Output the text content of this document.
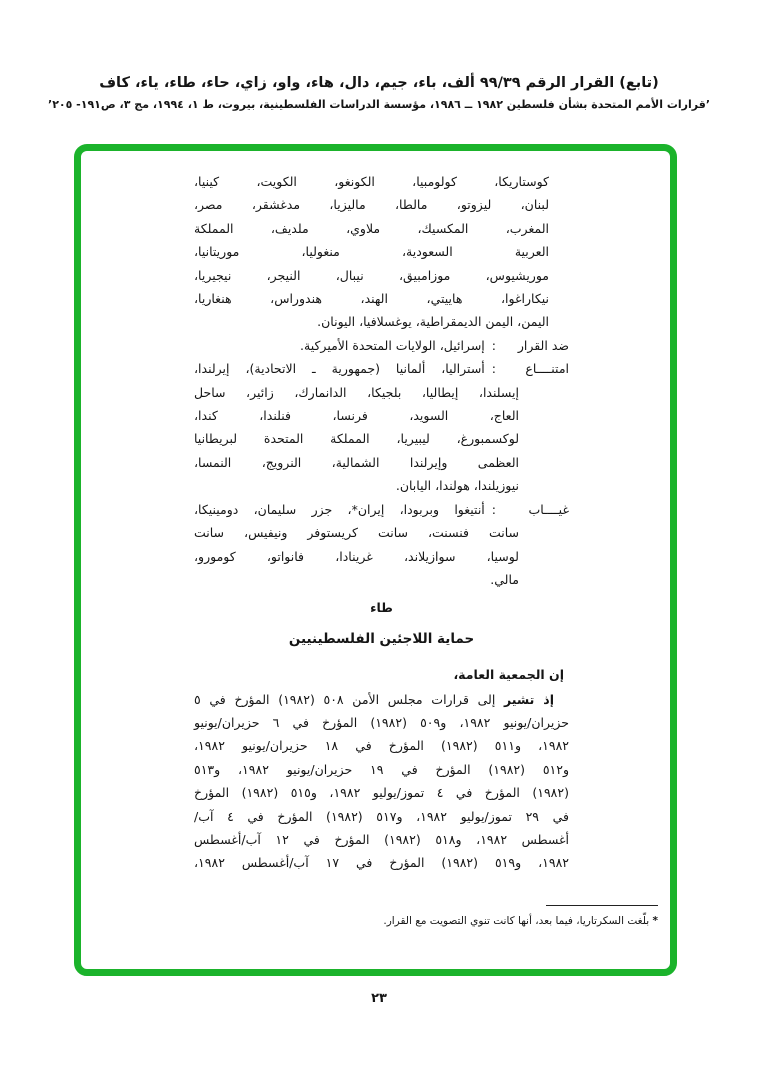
(تابع) القرار الرقم ٩٩/٣٩ ألف، باء، جيم، دال، هاء، واو، زاي، حاء، طاء، ياء، كاف
’قرارات الأمم المتحدة بشأن فلسطين ١٩٨٢ ــ ١٩٨٦، مؤسسة الدراسات الفلسطينية، بيروت، ط ١، ١٩٩٤، مج ٣، ص١٩١- ٢٠٥’
كوستاريكا، كولومبيا، الكونغو، الكويت، كينيا،
لبنان، ليزوتو، مالطا، ماليزيا، مدغشقر، مصر،
المغرب، المكسيك، ملاوي، ملديف، المملكة
العربية السعودية، منغوليا، موريتانيا،
موريشيوس، موزامبيق، نيبال، النيجر، نيجيريا،
نيكاراغوا، هاييتي، الهند، هندوراس، هنغاريا،
اليمن، اليمن الديمقراطية، يوغسلافيا، اليونان.
ضد القرار
:
إسرائيل، الولايات المتحدة الأميركية.
امتنــــاع
:
أستراليا، ألمانيا (جمهورية ـ الاتحادية)، إيرلندا،
إيسلندا، إيطاليا، بلجيكا، الدانمارك، زائير، ساحل
العاج، السويد، فرنسا، فنلندا، كندا،
لوكسمبورغ، ليبيريا، المملكة المتحدة لبريطانيا
العظمى وإيرلندا الشمالية، النرويج، النمسا،
نيوزيلندا، هولندا، اليابان.
غيــــاب
:
أنتيغوا وبربودا، إيران*، جزر سليمان، دومينيكا،
سانت فنسنت، سانت كريستوفر ونيفيس، سانت
لوسيا، سوازيلاند، غرينادا، فانواتو، كومورو،
مالي.
طاء
حماية اللاجئين الفلسطينيين
إن الجمعية العامة،
إذ تشير إلى قرارات مجلس الأمن ٥٠٨ (١٩٨٢) المؤرخ في ٥
حزيران/يونيو ١٩٨٢، و٥٠٩ (١٩٨٢) المؤرخ في ٦ حزيران/يونيو
١٩٨٢، و٥١١ (١٩٨٢) المؤرخ في ١٨ حزيران/يونيو ١٩٨٢،
و٥١٢ (١٩٨٢) المؤرخ في ١٩ حزيران/يونيو ١٩٨٢، و٥١٣
(١٩٨٢) المؤرخ في ٤ تموز/يوليو ١٩٨٢، و٥١٥ (١٩٨٢) المؤرخ
في ٢٩ تموز/يوليو ١٩٨٢، و٥١٧ (١٩٨٢) المؤرخ في ٤ آب/
أغسطس ١٩٨٢، و٥١٨ (١٩٨٢) المؤرخ في ١٢ آب/أغسطس
١٩٨٢، و٥١٩ (١٩٨٢) المؤرخ في ١٧ آب/أغسطس ١٩٨٢،
* بلّغت السكرتاريا، فيما بعد، أنها كانت تنوي التصويت مع القرار.
٢٣
